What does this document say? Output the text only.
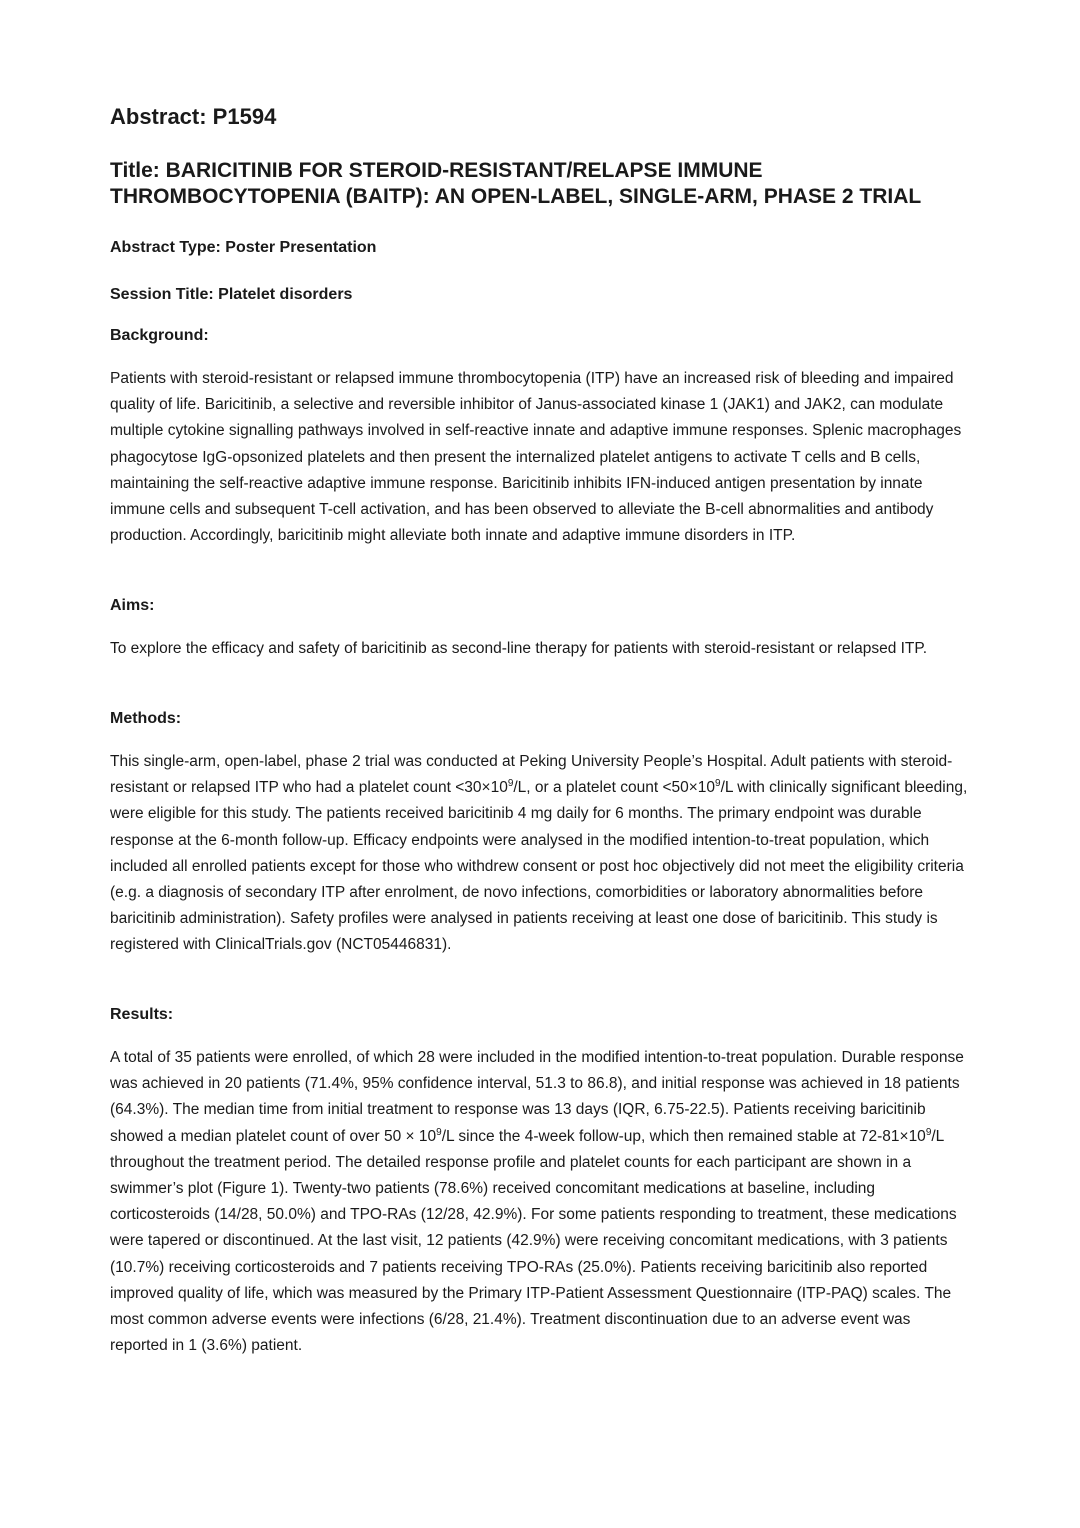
Abstract: P1594
Title: BARICITINIB FOR STEROID-RESISTANT/RELAPSE IMMUNE THROMBOCYTOPENIA (BAITP): AN OPEN-LABEL, SINGLE-ARM, PHASE 2 TRIAL

Abstract Type: Poster Presentation

Session Title: Platelet disorders

Background:

Patients with steroid-resistant or relapsed immune thrombocytopenia (ITP) have an increased risk of bleeding and impaired quality of life. Baricitinib, a selective and reversible inhibitor of Janus-associated kinase 1 (JAK1) and JAK2, can modulate multiple cytokine signalling pathways involved in self-reactive innate and adaptive immune responses. Splenic macrophages phagocytose IgG-opsonized platelets and then present the internalized platelet antigens to activate T cells and B cells, maintaining the self-reactive adaptive immune response. Baricitinib inhibits IFN-induced antigen presentation by innate immune cells and subsequent T-cell activation, and has been observed to alleviate the B-cell abnormalities and antibody production. Accordingly, baricitinib might alleviate both innate and adaptive immune disorders in ITP.

Aims:

To explore the efficacy and safety of baricitinib as second-line therapy for patients with steroid-resistant or relapsed ITP.

Methods:

This single-arm, open-label, phase 2 trial was conducted at Peking University People’s Hospital. Adult patients with steroid-resistant or relapsed ITP who had a platelet count $<30\times 10^9/L$, or a platelet count $<50\times 10^9/L$ with clinically significant bleeding, were eligible for this study. The patients received baricitinib 4 mg daily for 6 months. The primary endpoint was durable response at the 6-month follow-up. Efficacy endpoints were analysed in the modified intention-to-treat population, which included all enrolled patients except for those who withdrew consent or post hoc objectively did not meet the eligibility criteria (e.g. a diagnosis of secondary ITP after enrolment, de novo infections, comorbidities or laboratory abnormalities before baricitinib administration). Safety profiles were analysed in patients receiving at least one dose of baricitinib. This study is registered with ClinicalTrials.gov (NCT05446831).

Results:

A total of 35 patients were enrolled, of which 28 were included in the modified intention-to-treat population. Durable response was achieved in 20 patients (71.4%, 95% confidence interval, 51.3 to 86.8), and initial response was achieved in 18 patients (64.3%). The median time from initial treatment to response was 13 days (IQR, 6.75-22.5). Patients receiving baricitinib showed a median platelet count of over $50 \times 10^9/L$ since the 4-week follow-up, which then remained stable at $72-81\times 10^9/L$ throughout the treatment period. The detailed response profile and platelet counts for each participant are shown in a swimmer’s plot (Figure 1). Twenty-two patients (78.6%) received concomitant medications at baseline, including corticosteroids (14/28, 50.0%) and TPO-RAs (12/28, 42.9%). For some patients responding to treatment, these medications were tapered or discontinued. At the last visit, 12 patients (42.9%) were receiving concomitant medications, with 3 patients (10.7%) receiving corticosteroids and 7 patients receiving TPO-RAs (25.0%). Patients receiving baricitinib also reported improved quality of life, which was measured by the Primary ITP-Patient Assessment Questionnaire (ITP-PAQ) scales. The most common adverse events were infections (6/28, 21.4%). Treatment discontinuation due to an adverse event was reported in 1 (3.6%) patient.
